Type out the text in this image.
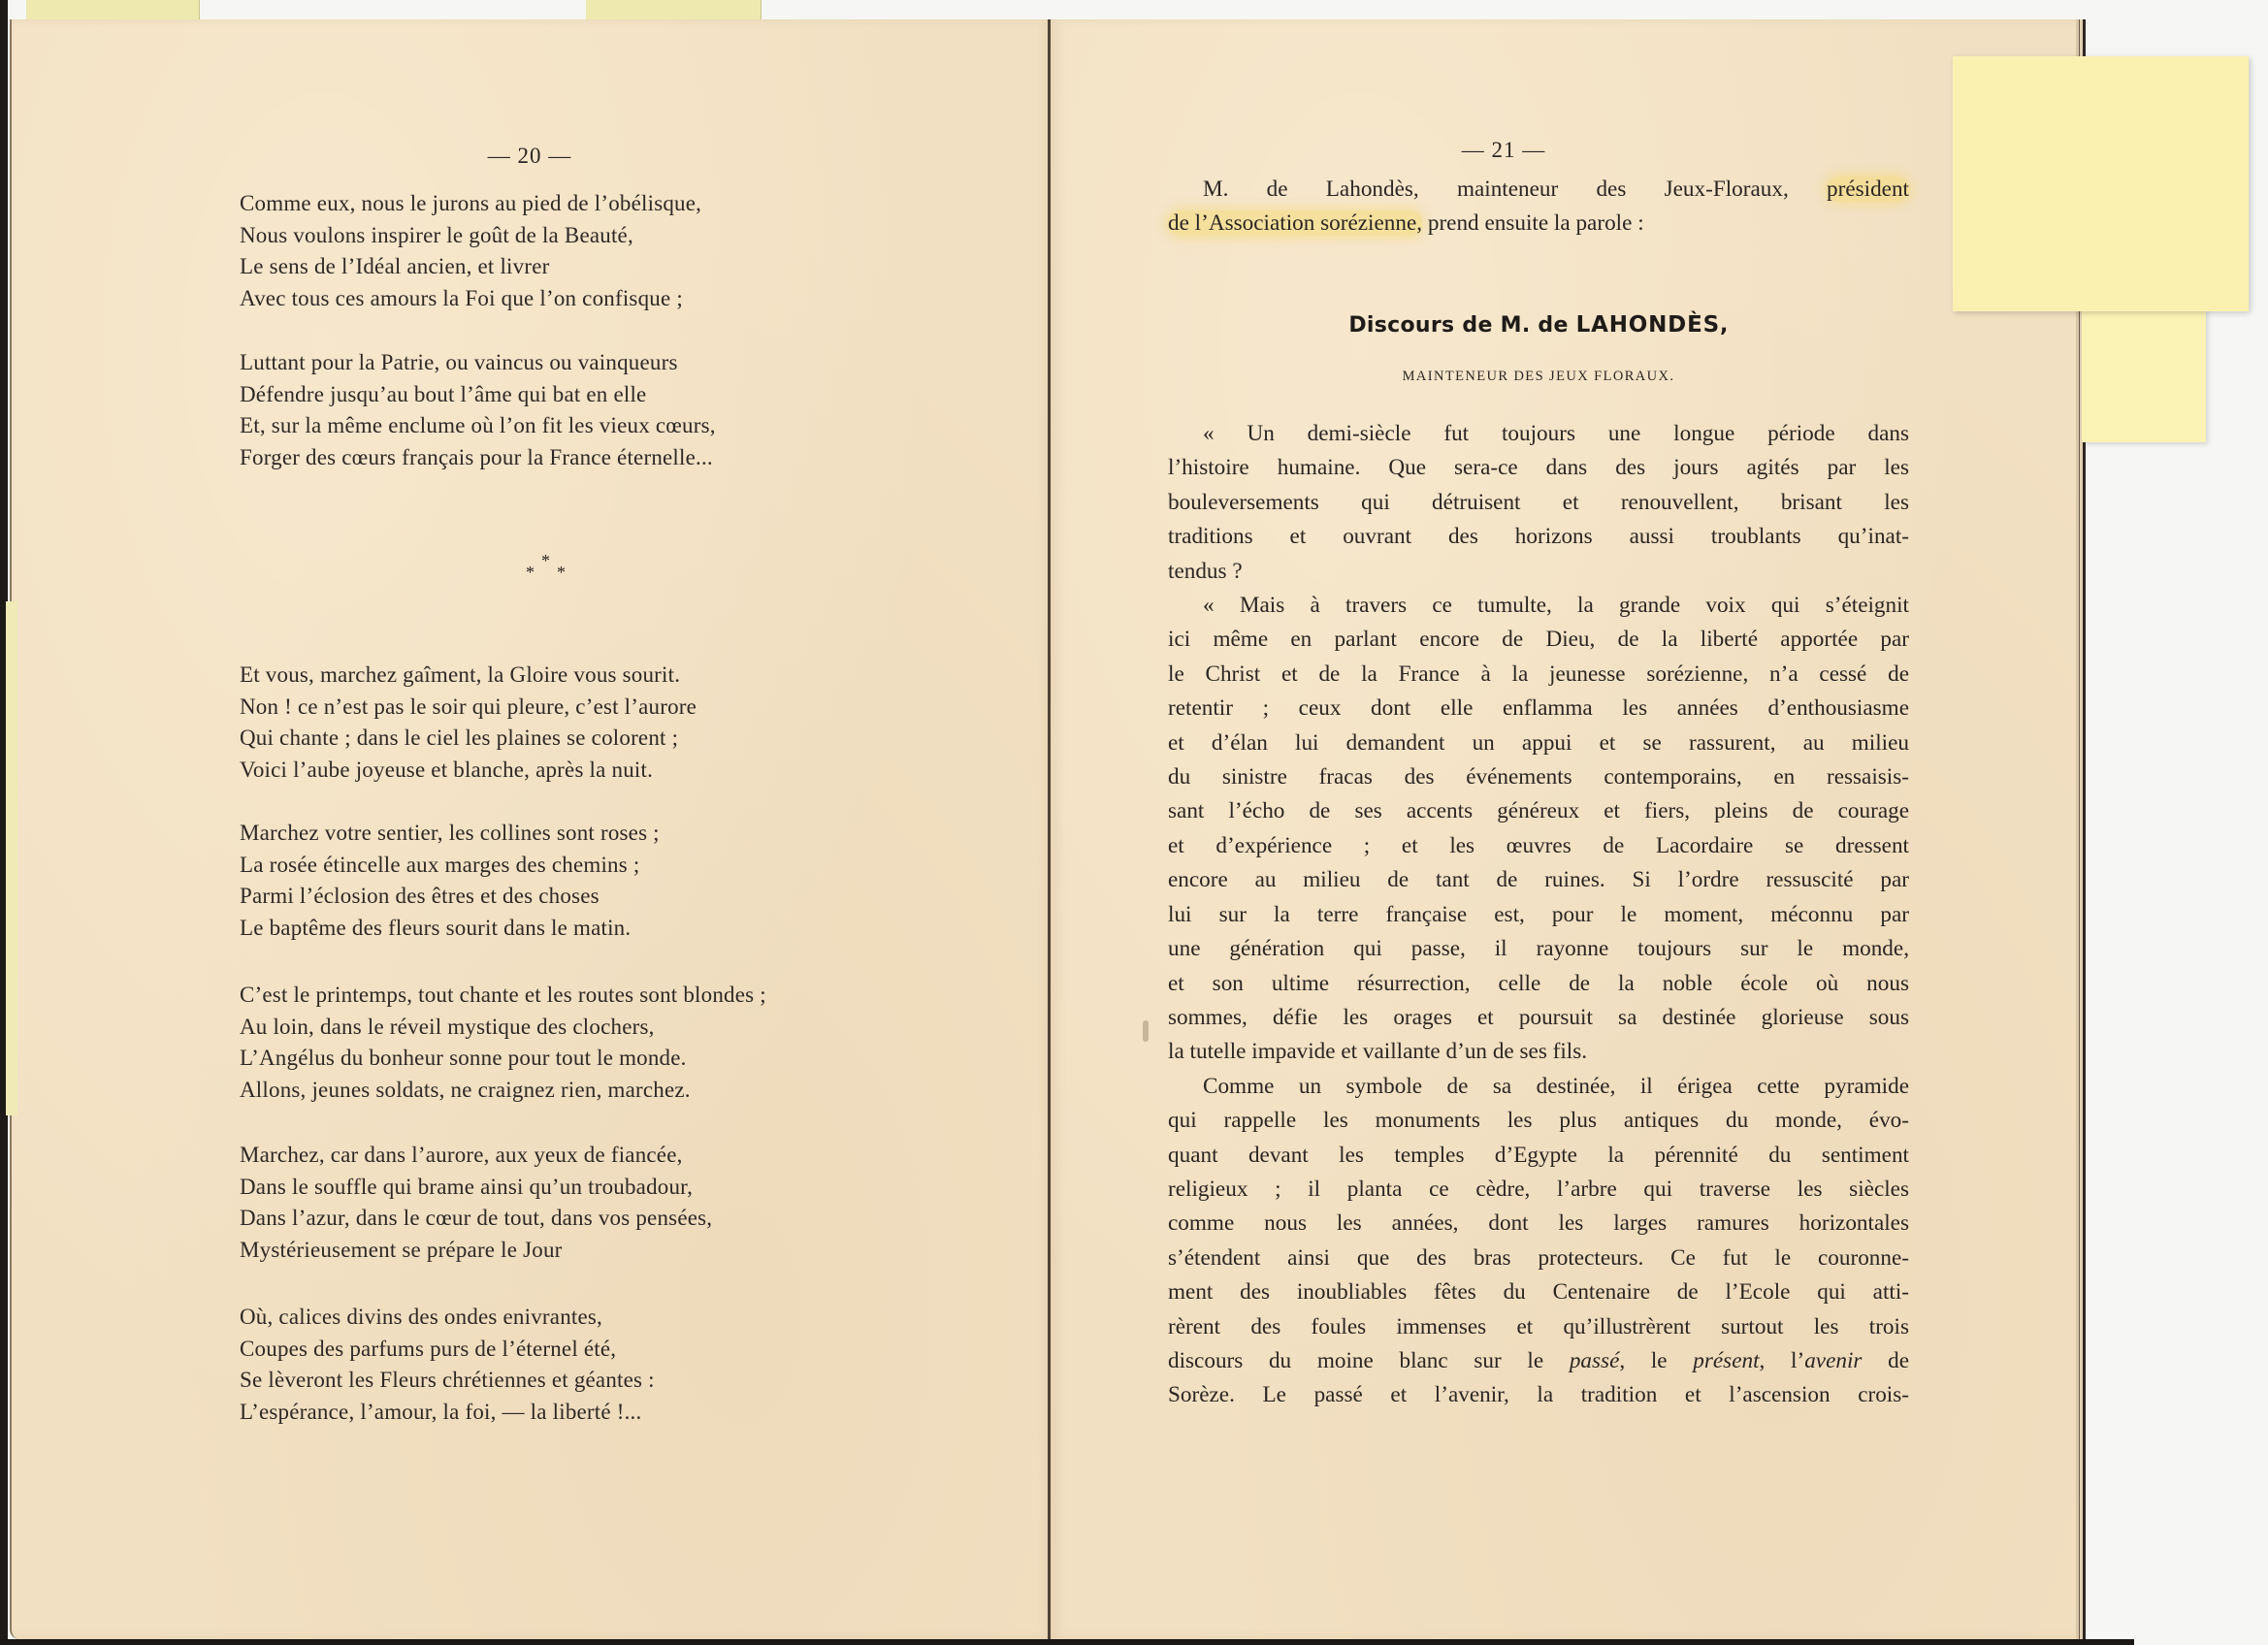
— 20 —
Comme eux, nous le jurons au pied de l’obélisque,
Nous voulons inspirer le goût de la Beauté,
Le sens de l’Idéal ancien, et livrer
Avec tous ces amours la Foi que l’on confisque ;
Luttant pour la Patrie, ou vaincus ou vainqueurs
Défendre jusqu’au bout l’âme qui bat en elle
Et, sur la même enclume où l’on fit les vieux cœurs,
Forger des cœurs français pour la France éternelle...
*
* *
Et vous, marchez gaîment, la Gloire vous sourit.
Non ! ce n’est pas le soir qui pleure, c’est l’aurore
Qui chante ; dans le ciel les plaines se colorent ;
Voici l’aube joyeuse et blanche, après la nuit.
Marchez votre sentier, les collines sont roses ;
La rosée étincelle aux marges des chemins ;
Parmi l’éclosion des êtres et des choses
Le baptême des fleurs sourit dans le matin.
C’est le printemps, tout chante et les routes sont blondes ;
Au loin, dans le réveil mystique des clochers,
L’Angélus du bonheur sonne pour tout le monde.
Allons, jeunes soldats, ne craignez rien, marchez.
Marchez, car dans l’aurore, aux yeux de fiancée,
Dans le souffle qui brame ainsi qu’un troubadour,
Dans l’azur, dans le cœur de tout, dans vos pensées,
Mystérieusement se prépare le Jour
Où, calices divins des ondes enivrantes,
Coupes des parfums purs de l’éternel été,
Se lèveront les Fleurs chrétiennes et géantes :
L’espérance, l’amour, la foi, — la liberté !...
— 21 —
M. de Lahondès, mainteneur des Jeux-Floraux, président
de l’Association sorézienne, prend ensuite la parole :
Discours de M. de LAHONDÈS,
MAINTENEUR DES JEUX FLORAUX.
« Un demi-siècle fut toujours une longue période dans
l’histoire humaine. Que sera-ce dans des jours agités par les
bouleversements qui détruisent et renouvellent, brisant les
traditions et ouvrant des horizons aussi troublants qu’inat-
tendus ?
« Mais à travers ce tumulte, la grande voix qui s’éteignit
ici même en parlant encore de Dieu, de la liberté apportée par
le Christ et de la France à la jeunesse sorézienne, n’a cessé de
retentir ; ceux dont elle enflamma les années d’enthousiasme
et d’élan lui demandent un appui et se rassurent, au milieu
du sinistre fracas des événements contemporains, en ressaisis-
sant l’écho de ses accents généreux et fiers, pleins de courage
et d’expérience ; et les œuvres de Lacordaire se dressent
encore au milieu de tant de ruines. Si l’ordre ressuscité par
lui sur la terre française est, pour le moment, méconnu par
une génération qui passe, il rayonne toujours sur le monde,
et son ultime résurrection, celle de la noble école où nous
sommes, défie les orages et poursuit sa destinée glorieuse sous
la tutelle impavide et vaillante d’un de ses fils.
Comme un symbole de sa destinée, il érigea cette pyramide
qui rappelle les monuments les plus antiques du monde, évo-
quant devant les temples d’Egypte la pérennité du sentiment
religieux ; il planta ce cèdre, l’arbre qui traverse les siècles
comme nous les années, dont les larges ramures horizontales
s’étendent ainsi que des bras protecteurs. Ce fut le couronne-
ment des inoubliables fêtes du Centenaire de l’Ecole qui atti-
rèrent des foules immenses et qu’illustrèrent surtout les trois
discours du moine blanc sur le passé, le présent, l’avenir de
Sorèze. Le passé et l’avenir, la tradition et l’ascension crois-
